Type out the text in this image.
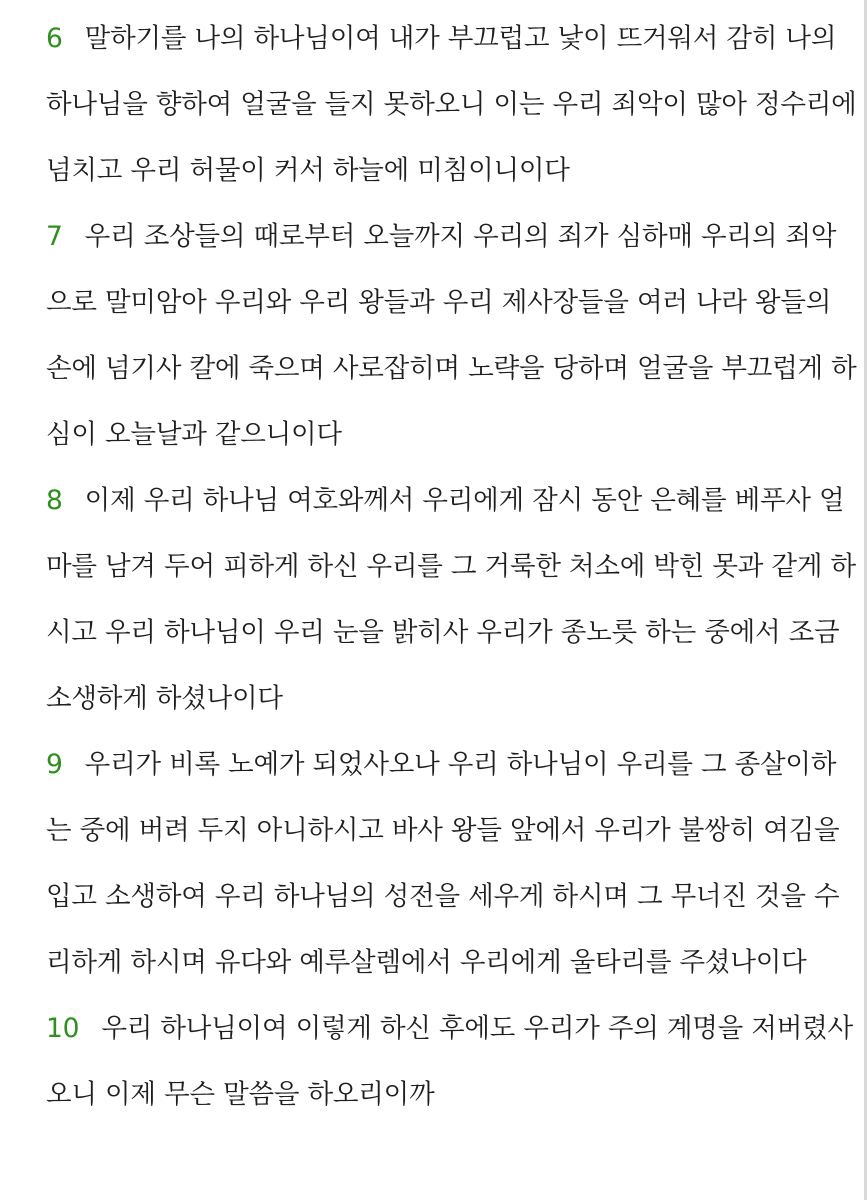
6 말하기를 나의 하나님이여 내가 부끄럽고 낯이 뜨거워서 감히 나의 하나님을 향하여 얼굴을 들지 못하오니 이는 우리 죄악이 많아 정수리에 넘치고 우리 허물이 커서 하늘에 미침이니이다
7 우리 조상들의 때로부터 오늘까지 우리의 죄가 심하매 우리의 죄악으로 말미암아 우리와 우리 왕들과 우리 제사장들을 여러 나라 왕들의 손에 넘기사 칼에 죽으며 사로잡히며 노략을 당하며 얼굴을 부끄럽게 하심이 오늘날과 같으니이다
8 이제 우리 하나님 여호와께서 우리에게 잠시 동안 은혜를 베푸사 얼마를 남겨 두어 피하게 하신 우리를 그 거룩한 처소에 박힌 못과 같게 하시고 우리 하나님이 우리 눈을 밝히사 우리가 종노릇 하는 중에서 조금 소생하게 하셨나이다
9 우리가 비록 노예가 되었사오나 우리 하나님이 우리를 그 종살이하는 중에 버려 두지 아니하시고 바사 왕들 앞에서 우리가 불쌍히 여김을 입고 소생하여 우리 하나님의 성전을 세우게 하시며 그 무너진 것을 수리하게 하시며 유다와 예루살렘에서 우리에게 울타리를 주셨나이다
10 우리 하나님이여 이렇게 하신 후에도 우리가 주의 계명을 저버렸사오니 이제 무슨 말씀을 하오리이까
